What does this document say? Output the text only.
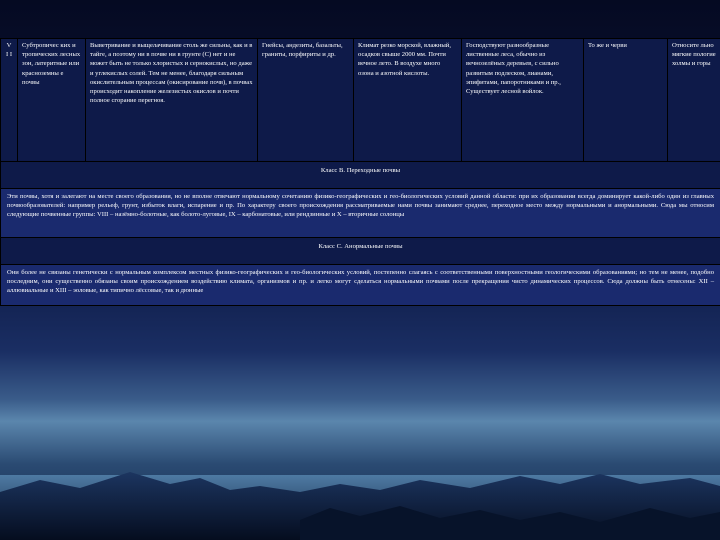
V I I	Субтропичес ких и тропических лесных зон, латеритные или красноземны е почвы	Выветривание и выщелачивание столь же сильны, как и в тайге, а поэтому ни в почве ни в грунте (С) нет и не может быть не только хлористых и сернокислых, но даже и углекислых солей. Тем не менее, благодаря сильным окислительным процессам (окисирование почв), в почвах происходит накопление железистых окислов и почти полное сгорание перегноя.	Гнейсы, андезиты, базальты, граниты, порфириты и др.	Климат резко морской, влажный, осадков свыше 2000 мм. Почти вечное лето. В воздухе много озона и азотной кислоты.	Господствуют разнообразные лиственные леса, обычно из вечнозелёных деревьев, с сильно развитым подлеском, лианами, эпифитами, папоротниками и пр., Существует лесной войлок.	То же и черви	Относите льно мягкие пологие холмы и горы
Класс В. Переходные почвы
Эти почвы, хотя и залегают на месте своего образования, но не вполне отвечают нормальному сочетанию физико-географических и гео-биологических условий данной области: при их образовании всегда доминирует какой-либо один из главных почвообразователей: например рельеф, грунт, избыток влаги, испарение и пр. По характеру своего происхождения рассматриваемые нами почвы занимают среднее, переходное место между нормальными и анормальными. Сюда мы относим следующие почвенные группы: VIII – назёмно-болотные, как болото-луговые, IX – карбонатовые, или рендзинные и X – вторичные солонцы
Класс С. Анормальные почвы
Они более не связаны генетически с нормальным комплексом местных физико-географических и гео-биологических условий, постепенно слагаясь с соответственными поверхностными геологическими образованиями; но тем не менее, подобно последним, они существенно обязаны своим происхождением воздействию климата, организмов и пр. и легко могут сделаться нормальными почвами после прекращения чисто динамических процессов. Сюда должны быть отнесены: XII – аллювиальные и XIII – эоловые, как типично лёссовые, так и дюнные
